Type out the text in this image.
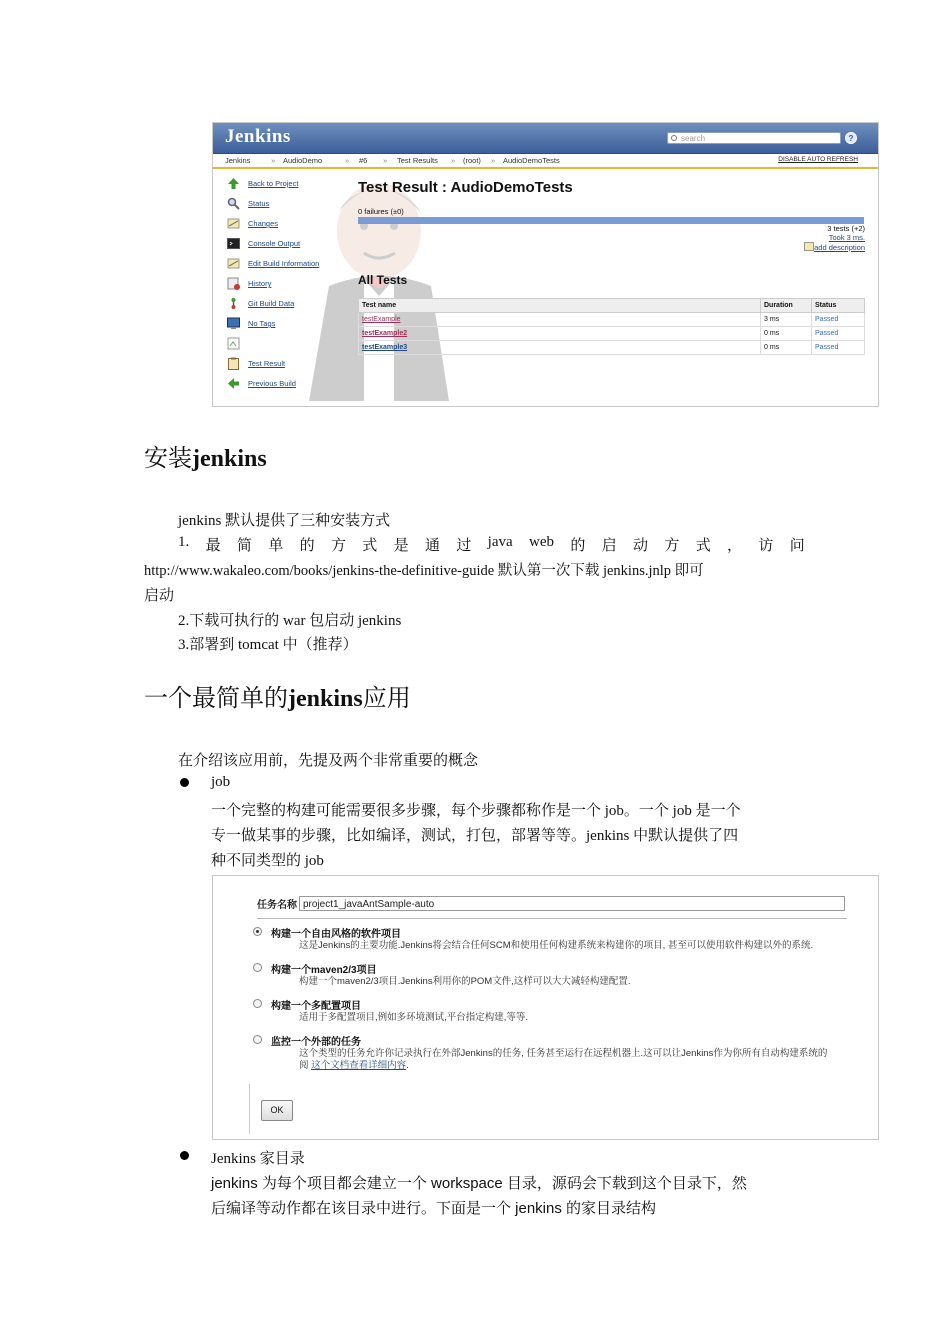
Jenkins	search	?
Jenkins	» AudioDemo	» #6 » Test Results » (root) » AudioDemoTests	DISABLE AUTO REFRESH
Back to Project
Status
Changes
Console Output
Edit Build Information
History
Git Build Data
No Tags
Test Result
Previous Build
Test Result : AudioDemoTests
0 failures (±0)
3 tests (+2)
Took 3 ms.
add description
All Tests
Test name	Duration	Status
testExample	3 ms	Passed
testExample2	0 ms	Passed
testExample3	0 ms	Passed
安装jenkins
jenkins 默认提供了三种安装方式
1. 最 简 单 的 方 式 是 通 过 java web 的 启 动 方 式 ， 访 问
http://www.wakaleo.com/books/jenkins-the-definitive-guide 默认第一次下载 jenkins.jnlp 即可
启动
2.下载可执行的 war 包启动 jenkins
3.部署到 tomcat 中（推荐）
一个最简单的jenkins应用
在介绍该应用前，先提及两个非常重要的概念
job
一个完整的构建可能需要很多步骤，每个步骤都称作是一个 job。一个 job 是一个
专一做某事的步骤，比如编译，测试，打包，部署等等。jenkins 中默认提供了四
种不同类型的 job
任务名称 project1_javaAntSample-auto
构建一个自由风格的软件项目
这是Jenkins的主要功能.Jenkins将会结合任何SCM和使用任何构建系统来构建你的项目, 甚至可以使用软件构建以外的系统.
构建一个maven2/3项目
构建一个maven2/3项目.Jenkins利用你的POM文件,这样可以大大减轻构建配置.
构建一个多配置项目
适用于多配置项目,例如多环境测试,平台指定构建,等等.
监控一个外部的任务
这个类型的任务允许你记录执行在外部Jenkins的任务, 任务甚至运行在远程机器上.这可以让Jenkins作为你所有自动构建系统的
阅 这个文档查看详细内容.
OK
Jenkins 家目录
jenkins 为每个项目都会建立一个 workspace 目录，源码会下载到这个目录下，然
后编译等动作都在该目录中进行。下面是一个 jenkins 的家目录结构
